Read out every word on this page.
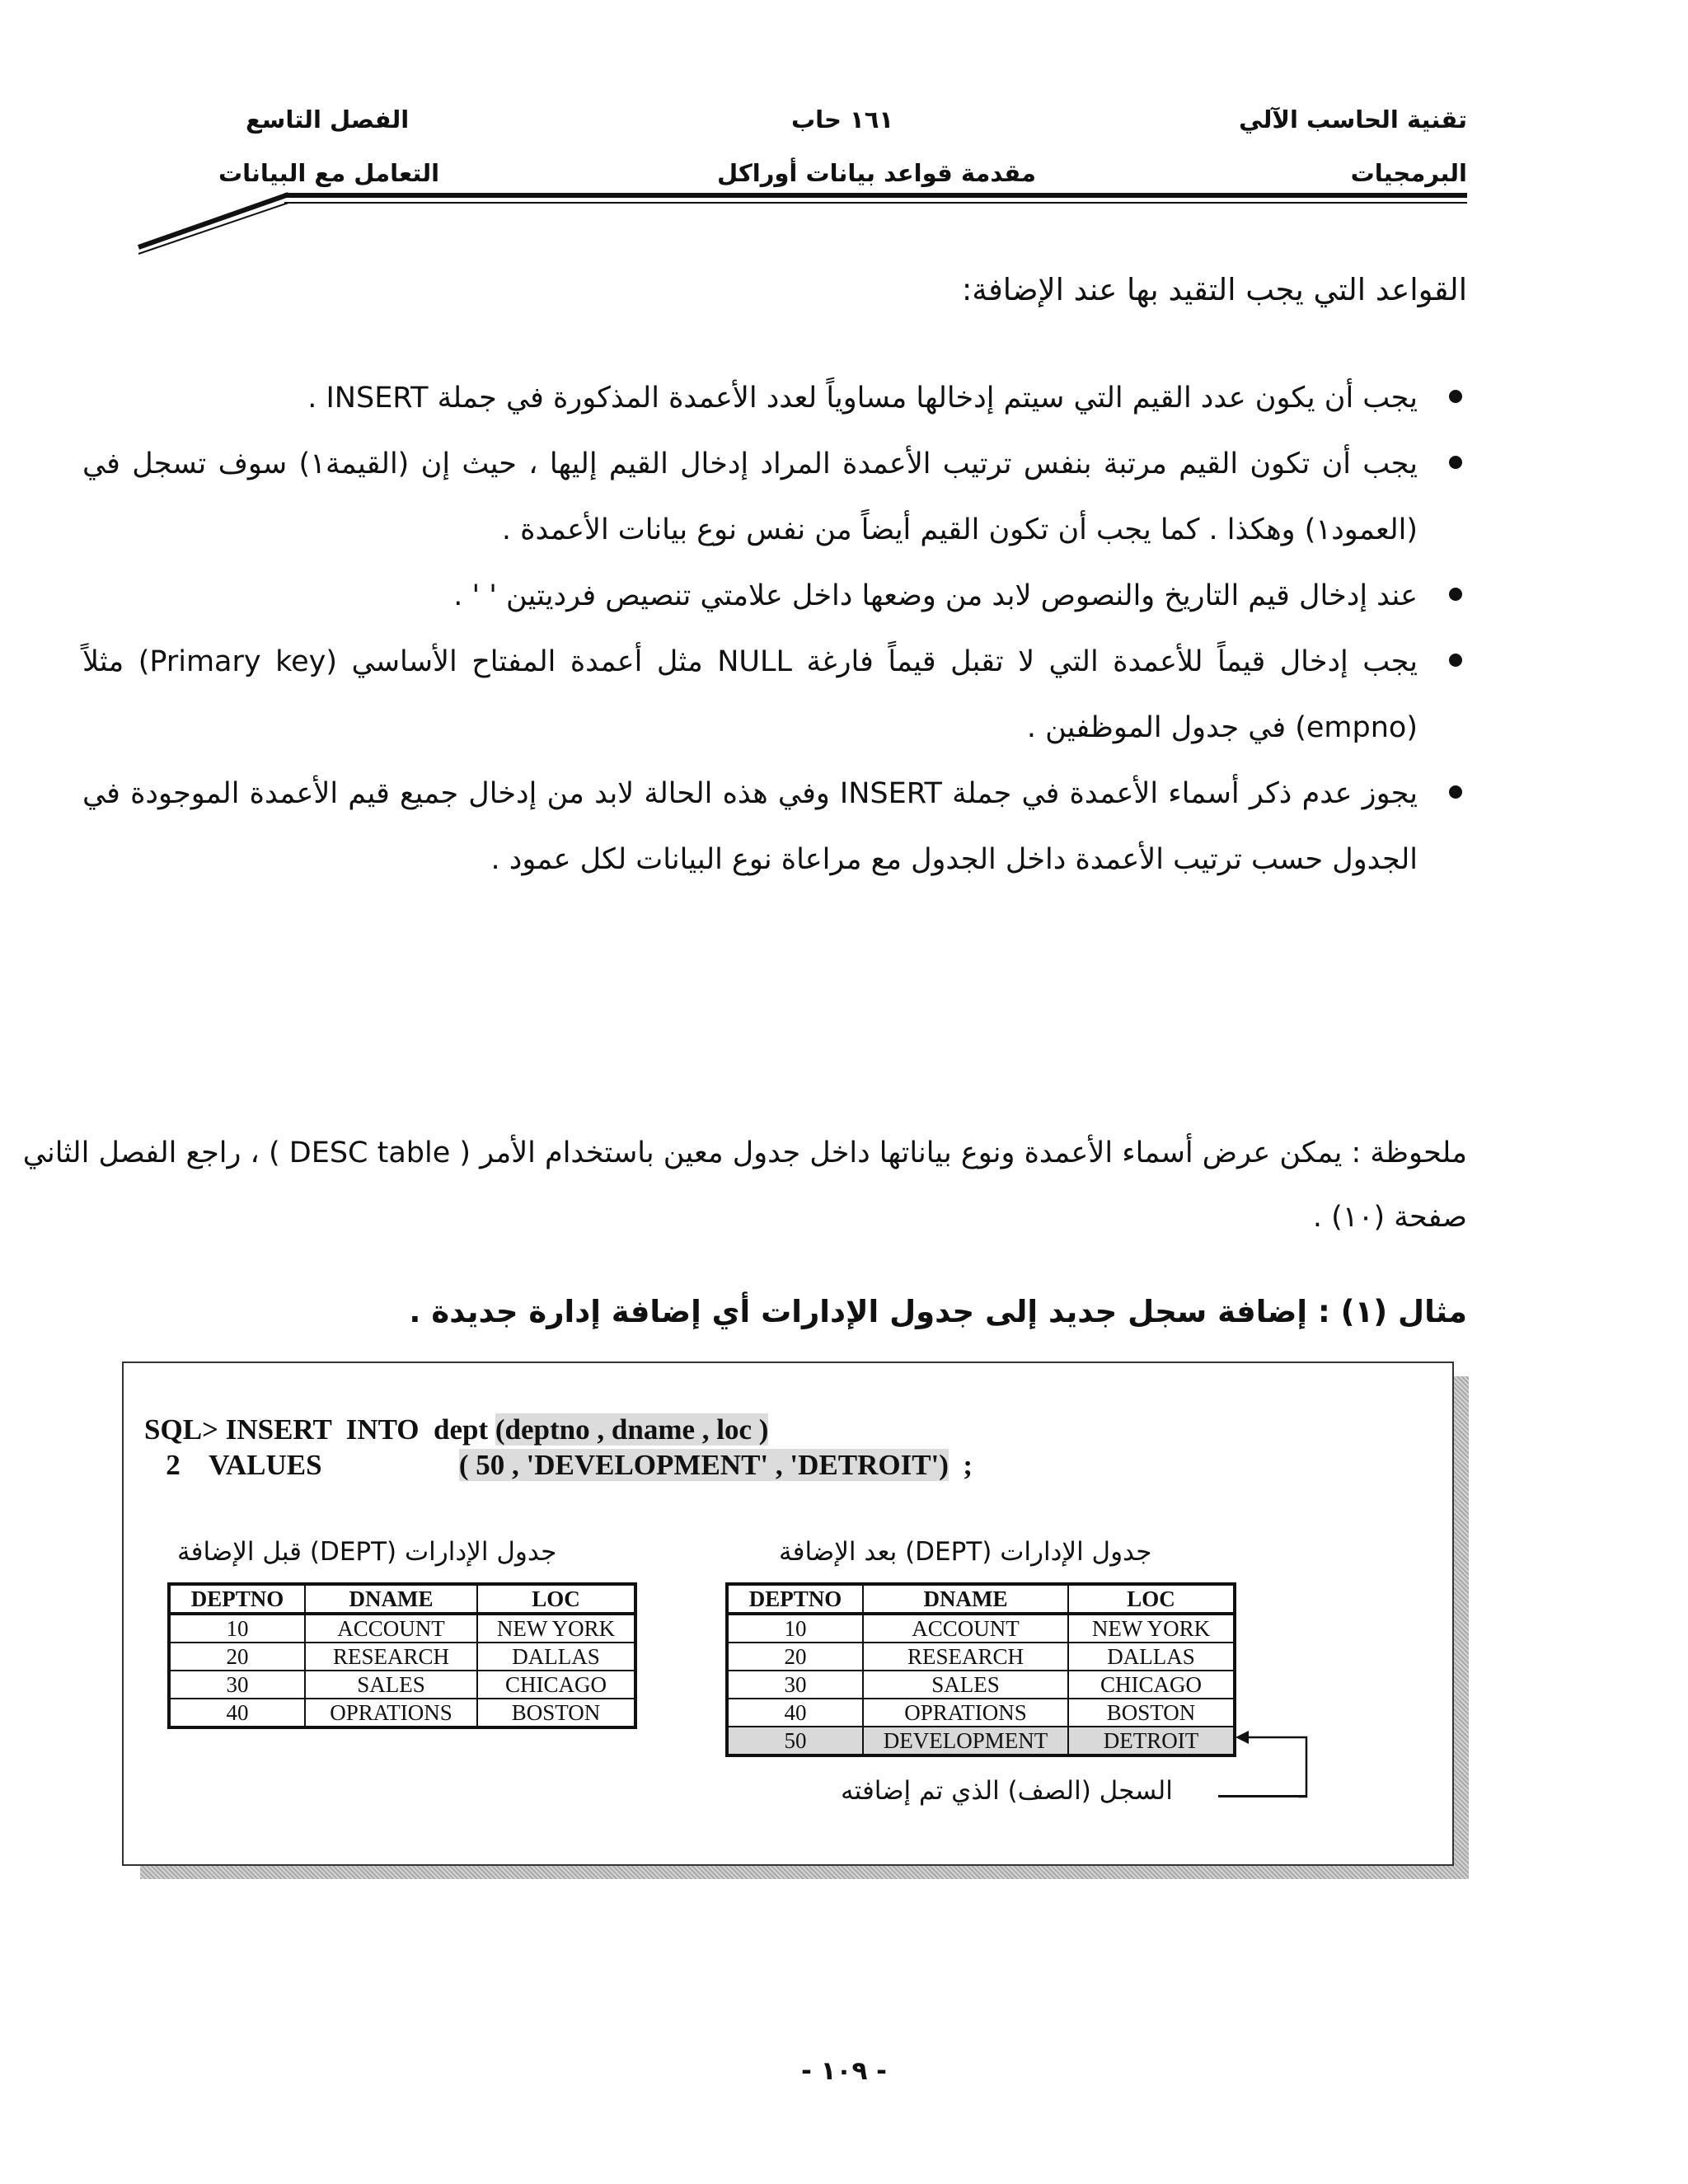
تقنية الحاسب الآلي
البرمجيات
١٦١ حاب
مقدمة قواعد بيانات أوراكل
الفصل التاسع
التعامل مع البيانات
القواعد التي يجب التقيد بها عند الإضافة:
يجب أن يكون عدد القيم التي سيتم إدخالها مساوياً لعدد الأعمدة المذكورة في جملة INSERT .
يجب أن تكون القيم مرتبة بنفس ترتيب الأعمدة المراد إدخال القيم إليها ، حيث إن (القيمة١) سوف تسجل في (العمود١) وهكذا . كما يجب أن تكون القيم أيضاً من نفس نوع بيانات الأعمدة .
عند إدخال قيم التاريخ والنصوص لابد من وضعها داخل علامتي تنصيص فرديتين ' ' .
يجب إدخال قيماً للأعمدة التي لا تقبل قيماً فارغة NULL مثل أعمدة المفتاح الأساسي (Primary key) مثلاً (empno) في جدول الموظفين .
يجوز عدم ذكر أسماء الأعمدة في جملة INSERT وفي هذه الحالة لابد من إدخال جميع قيم الأعمدة الموجودة في الجدول حسب ترتيب الأعمدة داخل الجدول مع مراعاة نوع البيانات لكل عمود .
ملحوظة : يمكن عرض أسماء الأعمدة ونوع بياناتها داخل جدول معين باستخدام الأمر ( DESC table ) ، راجع الفصل الثاني صفحة (١٠) .
مثال (١) : إضافة سجل جديد إلى جدول الإدارات أي إضافة إدارة جديدة .
SQL> INSERT  INTO  dept (deptno , dname , loc )
2    VALUES                   ( 50 , 'DEVELOPMENT' , 'DETROIT')  ;
جدول الإدارات (DEPT) قبل الإضافة	جدول الإدارات (DEPT) بعد الإضافة
DEPTNO	DNAME	LOC
10	ACCOUNT	NEW YORK
20	RESEARCH	DALLAS
30	SALES	CHICAGO
40	OPRATIONS	BOSTON
DEPTNO	DNAME	LOC
10	ACCOUNT	NEW YORK
20	RESEARCH	DALLAS
30	SALES	CHICAGO
40	OPRATIONS	BOSTON
50	DEVELOPMENT	DETROIT
السجل (الصف) الذي تم إضافته
- ١٠٩ -
